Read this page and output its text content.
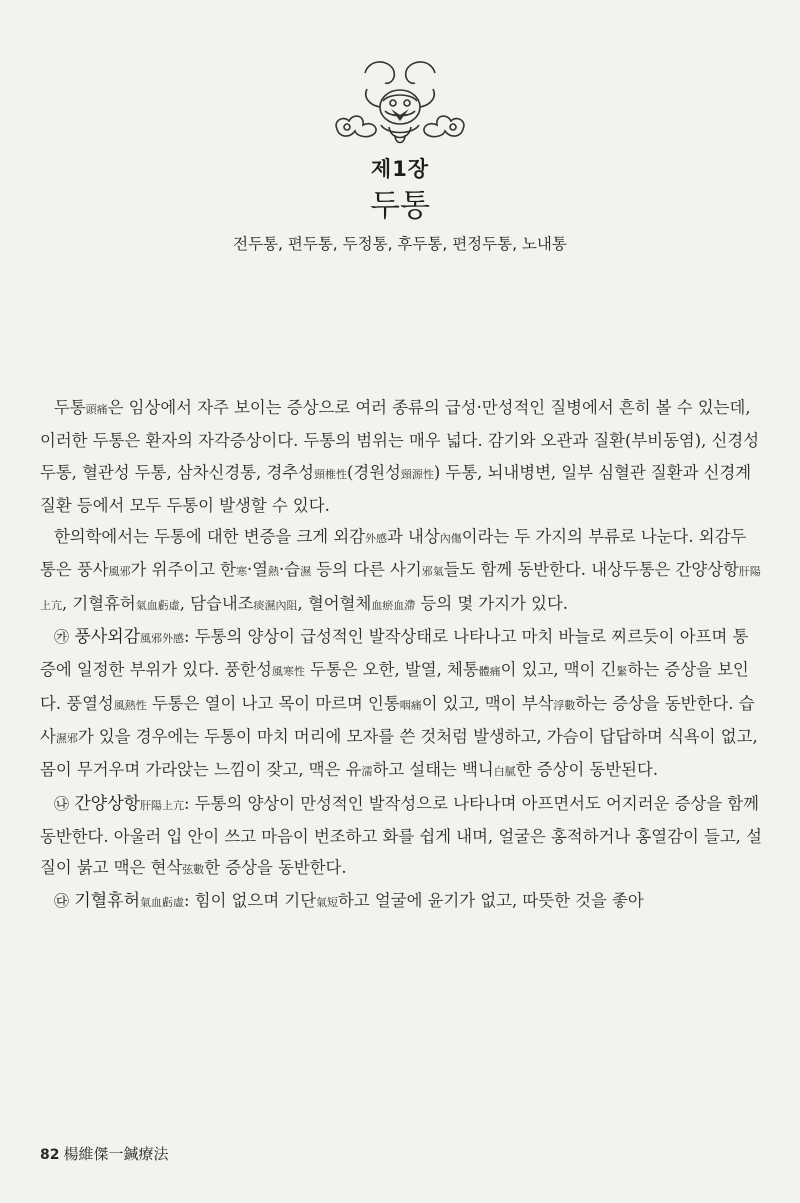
제1장
두통
전두통, 편두통, 두정통, 후두통, 편정두통, 노내통

두통頭痛은 임상에서 자주 보이는 증상으로 여러 종류의 급성·만성적인 질병에서 흔히 볼 수 있는데, 이러한 두통은 환자의 자각증상이다. 두통의 범위는 매우 넓다. 감기와 오관과 질환(부비동염), 신경성 두통, 혈관성 두통, 삼차신경통, 경추성頸椎性(경원성頸源性) 두통, 뇌내병변, 일부 심혈관 질환과 신경계 질환 등에서 모두 두통이 발생할 수 있다.

한의학에서는 두통에 대한 변증을 크게 외감外感과 내상內傷이라는 두 가지의 부류로 나눈다. 외감두통은 풍사風邪가 위주이고 한寒·열熱·습濕 등의 다른 사기邪氣들도 함께 동반한다. 내상두통은 간양상항肝陽上亢, 기혈휴허氣血虧虛, 담습내조痰濕內阻, 혈어혈체血瘀血滯 등의 몇 가지가 있다.

㉮ 풍사외감風邪外感: 두통의 양상이 급성적인 발작상태로 나타나고 마치 바늘로 찌르듯이 아프며 통증에 일정한 부위가 있다. 풍한성風寒性 두통은 오한, 발열, 체통體痛이 있고, 맥이 긴緊하는 증상을 보인다. 풍열성風熱性 두통은 열이 나고 목이 마르며 인통咽痛이 있고, 맥이 부삭浮數하는 증상을 동반한다. 습사濕邪가 있을 경우에는 두통이 마치 머리에 모자를 쓴 것처럼 발생하고, 가슴이 답답하며 식욕이 없고, 몸이 무거우며 가라앉는 느낌이 잦고, 맥은 유濡하고 설태는 백니白膩한 증상이 동반된다.

㉯ 간양상항肝陽上亢: 두통의 양상이 만성적인 발작성으로 나타나며 아프면서도 어지러운 증상을 함께 동반한다. 아울러 입 안이 쓰고 마음이 번조하고 화를 쉽게 내며, 얼굴은 홍적하거나 홍열감이 들고, 설질이 붉고 맥은 현삭弦數한 증상을 동반한다.

㉰ 기혈휴허氣血虧虛: 힘이 없으며 기단氣短하고 얼굴에 윤기가 없고, 따뜻한 것을 좋아

82 楊維傑一鍼療法
